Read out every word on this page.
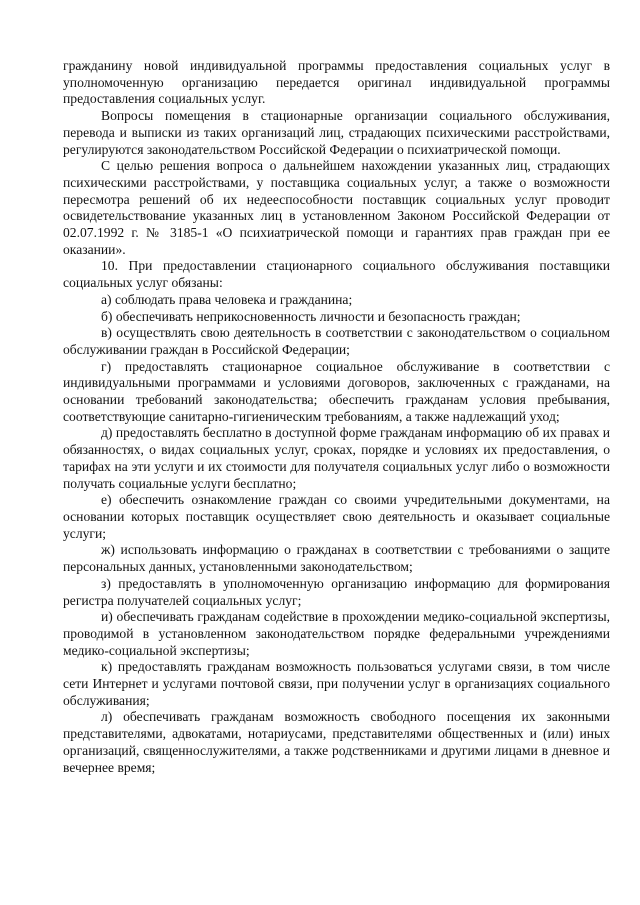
гражданину новой индивидуальной программы предоставления социальных услуг в уполномоченную организацию передается оригинал индивидуальной программы предоставления социальных услуг.

Вопросы помещения в стационарные организации социального обслуживания, перевода и выписки из таких организаций лиц, страдающих психическими расстройствами, регулируются законодательством Российской Федерации о психиатрической помощи.

С целью решения вопроса о дальнейшем нахождении указанных лиц, страдающих психическими расстройствами, у поставщика социальных услуг, а также о возможности пересмотра решений об их недееспособности поставщик социальных услуг проводит освидетельствование указанных лиц в установленном Законом Российской Федерации от 02.07.1992 г. № 3185-1 «О психиатрической помощи и гарантиях прав граждан при ее оказании».

10. При предоставлении стационарного социального обслуживания поставщики социальных услуг обязаны:

а) соблюдать права человека и гражданина;

б) обеспечивать неприкосновенность личности и безопасность граждан;

в) осуществлять свою деятельность в соответствии с законодательством о социальном обслуживании граждан в Российской Федерации;

г) предоставлять стационарное социальное обслуживание в соответствии с индивидуальными программами и условиями договоров, заключенных с гражданами, на основании требований законодательства; обеспечить гражданам условия пребывания, соответствующие санитарно-гигиеническим требованиям, а также надлежащий уход;

д) предоставлять бесплатно в доступной форме гражданам информацию об их правах и обязанностях, о видах социальных услуг, сроках, порядке и условиях их предоставления, о тарифах на эти услуги и их стоимости для получателя социальных услуг либо о возможности получать социальные услуги бесплатно;

е) обеспечить ознакомление граждан со своими учредительными документами, на основании которых поставщик осуществляет свою деятельность и оказывает социальные услуги;

ж) использовать информацию о гражданах в соответствии с требованиями о защите персональных данных, установленными законодательством;

з) предоставлять в уполномоченную организацию информацию для формирования регистра получателей социальных услуг;

и) обеспечивать гражданам содействие в прохождении медико-социальной экспертизы, проводимой в установленном законодательством порядке федеральными учреждениями медико-социальной экспертизы;

к) предоставлять гражданам возможность пользоваться услугами связи, в том числе сети Интернет и услугами почтовой связи, при получении услуг в организациях социального обслуживания;

л) обеспечивать гражданам возможность свободного посещения их законными представителями, адвокатами, нотариусами, представителями общественных и (или) иных организаций, священнослужителями, а также родственниками и другими лицами в дневное и вечернее время;
